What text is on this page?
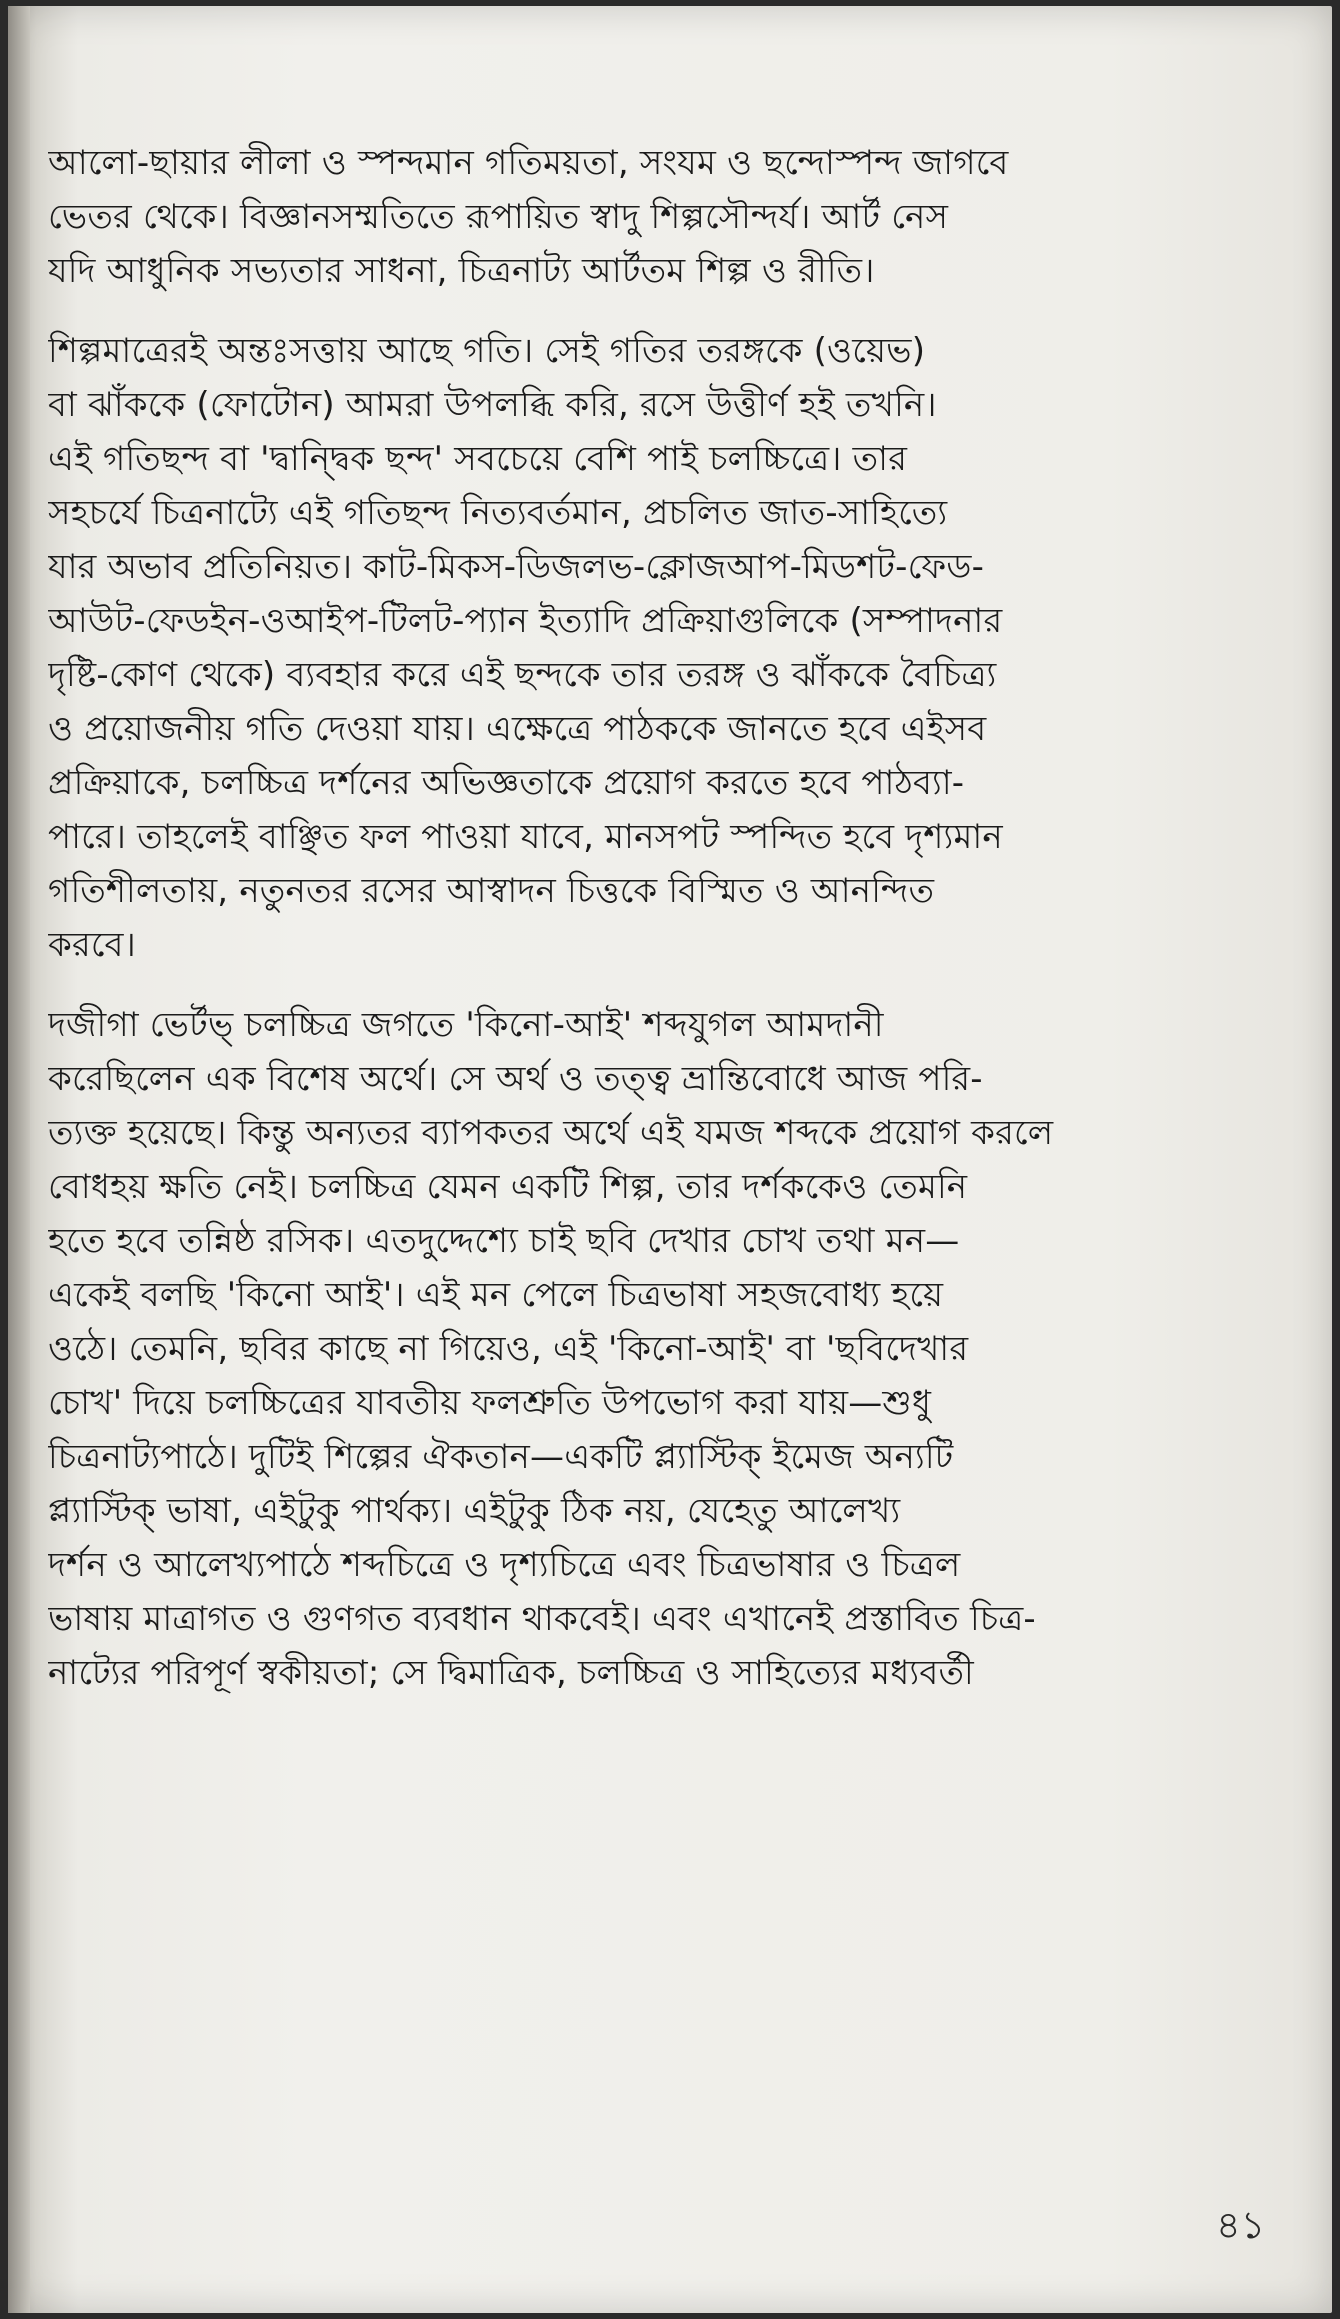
আলো-ছায়ার লীলা ও স্পন্দমান গতিময়তা, সংযম ও ছন্দোস্পন্দ জাগবে
ভেতর থেকে। বিজ্ঞানসম্মতিতে রূপায়িত স্বাদু শিল্পসৌন্দর্য। আর্ট নেস
যদি আধুনিক সভ্যতার সাধনা, চিত্রনাট্য আর্টতম শিল্প ও রীতি।
শিল্পমাত্রেরই অন্তঃসত্তায় আছে গতি। সেই গতির তরঙ্গকে (ওয়েভ)
বা ঝাঁককে (ফোটোন) আমরা উপলব্ধি করি, রসে উত্তীর্ণ হই তখনি।
এই গতিছন্দ বা 'দ্বান্দ্বিক ছন্দ' সবচেয়ে বেশি পাই চলচ্চিত্রে। তার
সহচর্যে চিত্রনাট্যে এই গতিছন্দ নিত্যবর্তমান, প্রচলিত জাত-সাহিত্যে
যার অভাব প্রতিনিয়ত। কাট-মিকস-ডিজলভ-ক্লোজআপ-মিডশট-ফেড-
আউট-ফেডইন-ওআইপ-টিলট-প্যান ইত্যাদি প্রক্রিয়াগুলিকে (সম্পাদনার
দৃষ্টি-কোণ থেকে) ব্যবহার করে এই ছন্দকে তার তরঙ্গ ও ঝাঁককে বৈচিত্র্য
ও প্রয়োজনীয় গতি দেওয়া যায়। এক্ষেত্রে পাঠককে জানতে হবে এইসব
প্রক্রিয়াকে, চলচ্চিত্র দর্শনের অভিজ্ঞতাকে প্রয়োগ করতে হবে পাঠব্যা-
পারে। তাহলেই বাঞ্ছিত ফল পাওয়া যাবে, মানসপট স্পন্দিত হবে দৃশ্যমান
গতিশীলতায়, নতুনতর রসের আস্বাদন চিত্তকে বিস্মিত ও আনন্দিত
করবে।
দজীগা ভের্টভ্ চলচ্চিত্র জগতে 'কিনো-আই' শব্দযুগল আমদানী
করেছিলেন এক বিশেষ অর্থে। সে অর্থ ও তত্ত্ব ভ্রান্তিবোধে আজ পরি-
ত্যক্ত হয়েছে। কিন্তু অন্যতর ব্যাপকতর অর্থে এই যমজ শব্দকে প্রয়োগ করলে
বোধহয় ক্ষতি নেই। চলচ্চিত্র যেমন একটি শিল্প, তার দর্শককেও তেমনি
হতে হবে তন্নিষ্ঠ রসিক। এতদুদ্দেশ্যে চাই ছবি দেখার চোখ তথা মন—
একেই বলছি 'কিনো আই'। এই মন পেলে চিত্রভাষা সহজবোধ্য হয়ে
ওঠে। তেমনি, ছবির কাছে না গিয়েও, এই 'কিনো-আই' বা 'ছবিদেখার
চোখ' দিয়ে চলচ্চিত্রের যাবতীয় ফলশ্রুতি উপভোগ করা যায়—শুধু
চিত্রনাট্যপাঠে। দুটিই শিল্পের ঐকতান—একটি প্ল্যাস্টিক্ ইমেজ অন্যটি
প্ল্যাস্টিক্ ভাষা, এইটুকু পার্থক্য। এইটুকু ঠিক নয়, যেহেতু আলেখ্য
দর্শন ও আলেখ্যপাঠে শব্দচিত্রে ও দৃশ্যচিত্রে এবং চিত্রভাষার ও চিত্রল
ভাষায় মাত্রাগত ও গুণগত ব্যবধান থাকবেই। এবং এখানেই প্রস্তাবিত চিত্র-
নাট্যের পরিপূর্ণ স্বকীয়তা; সে দ্বিমাত্রিক, চলচ্চিত্র ও সাহিত্যের মধ্যবর্তী
৪১
